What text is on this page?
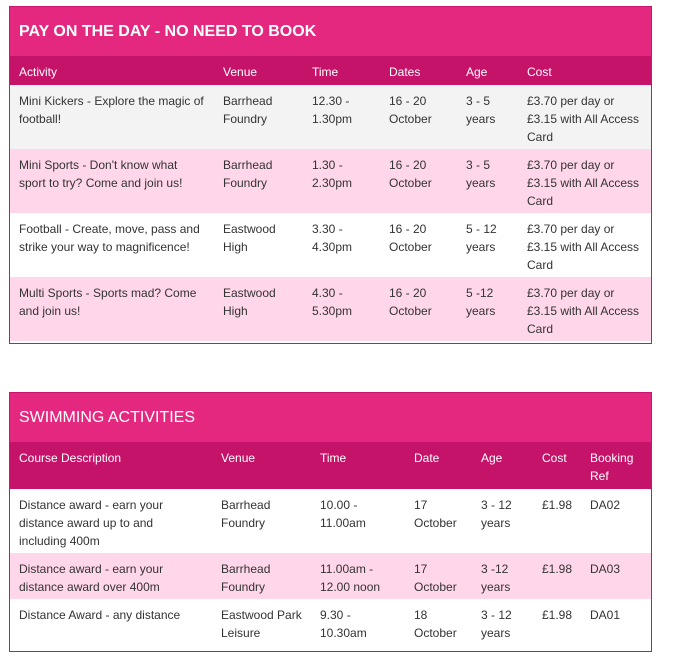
PAY ON THE DAY - NO NEED TO BOOK
Activity	Venue	Time	Dates	Age	Cost
Mini Kickers - Explore the magic of football!	Barrhead Foundry	12.30 - 1.30pm	16 - 20 October	3 - 5 years	£3.70 per day or £3.15 with All Access Card
Mini Sports - Don't know what sport to try? Come and join us!	Barrhead Foundry	1.30 - 2.30pm	16 - 20 October	3 - 5 years	£3.70 per day or £3.15 with All Access Card
Football - Create, move, pass and strike your way to magnificence!	Eastwood High	3.30 - 4.30pm	16 - 20 October	5 - 12 years	£3.70 per day or £3.15 with All Access Card
Multi Sports - Sports mad? Come and join us!	Eastwood High	4.30 - 5.30pm	16 - 20 October	5 -12 years	£3.70 per day or £3.15 with All Access Card
SWIMMING ACTIVITIES
Course Description	Venue	Time	Date	Age	Cost	Booking Ref
Distance award - earn your distance award up to and including 400m	Barrhead Foundry	10.00 - 11.00am	17 October	3 - 12 years	£1.98	DA02
Distance award - earn your distance award over 400m	Barrhead Foundry	11.00am - 12.00 noon	17 October	3 -12 years	£1.98	DA03
Distance Award - any distance	Eastwood Park Leisure	9.30 - 10.30am	18 October	3 - 12 years	£1.98	DA01
